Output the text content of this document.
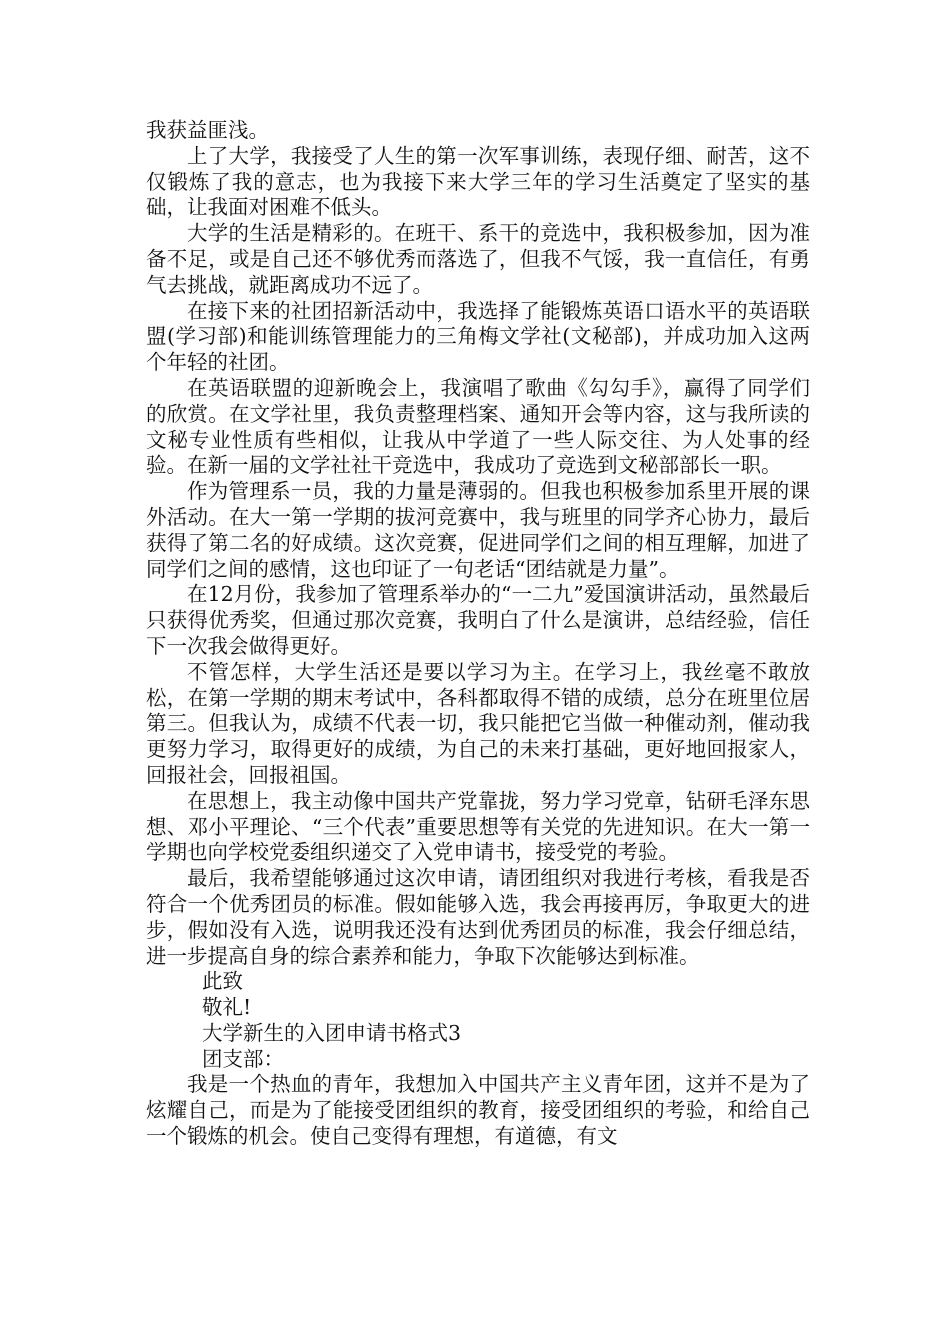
我获益匪浅。

上了大学，我接受了人生的第一次军事训练，表现仔细、耐苦，这不仅锻炼了我的意志，也为我接下来大学三年的学习生活奠定了坚实的基础，让我面对困难不低头。

大学的生活是精彩的。在班干、系干的竞选中，我积极参加，因为准备不足，或是自己还不够优秀而落选了，但我不气馁，我一直信任，有勇气去挑战，就距离成功不远了。

在接下来的社团招新活动中，我选择了能锻炼英语口语水平的英语联盟(学习部)和能训练管理能力的三角梅文学社(文秘部)，并成功加入这两个年轻的社团。

在英语联盟的迎新晚会上，我演唱了歌曲《勾勾手》，赢得了同学们的欣赏。在文学社里，我负责整理档案、通知开会等内容，这与我所读的文秘专业性质有些相似，让我从中学道了一些人际交往、为人处事的经验。在新一届的文学社社干竞选中，我成功了竞选到文秘部部长一职。

作为管理系一员，我的力量是薄弱的。但我也积极参加系里开展的课外活动。在大一第一学期的拔河竞赛中，我与班里的同学齐心协力，最后获得了第二名的好成绩。这次竞赛，促进同学们之间的相互理解，加进了同学们之间的感情，这也印证了一句老话“团结就是力量”。

在12月份，我参加了管理系举办的“一二九”爱国演讲活动，虽然最后只获得优秀奖，但通过那次竞赛，我明白了什么是演讲，总结经验，信任下一次我会做得更好。

不管怎样，大学生活还是要以学习为主。在学习上，我丝毫不敢放松，在第一学期的期末考试中，各科都取得不错的成绩，总分在班里位居第三。但我认为，成绩不代表一切，我只能把它当做一种催动剂，催动我更努力学习，取得更好的成绩，为自己的未来打基础，更好地回报家人，回报社会，回报祖国。

在思想上，我主动像中国共产党靠拢，努力学习党章，钻研毛泽东思想、邓小平理论、“三个代表”重要思想等有关党的先进知识。在大一第一学期也向学校党委组织递交了入党申请书，接受党的考验。

最后，我希望能够通过这次申请，请团组织对我进行考核，看我是否符合一个优秀团员的标准。假如能够入选，我会再接再厉，争取更大的进步，假如没有入选，说明我还没有达到优秀团员的标准，我会仔细总结，进一步提高自身的综合素养和能力，争取下次能够达到标准。

此致

敬礼!

大学新生的入团申请书格式3

团支部：

我是一个热血的青年，我想加入中国共产主义青年团，这并不是为了炫耀自己，而是为了能接受团组织的教育，接受团组织的考验，和给自己一个锻炼的机会。使自己变得有理想，有道德，有文
